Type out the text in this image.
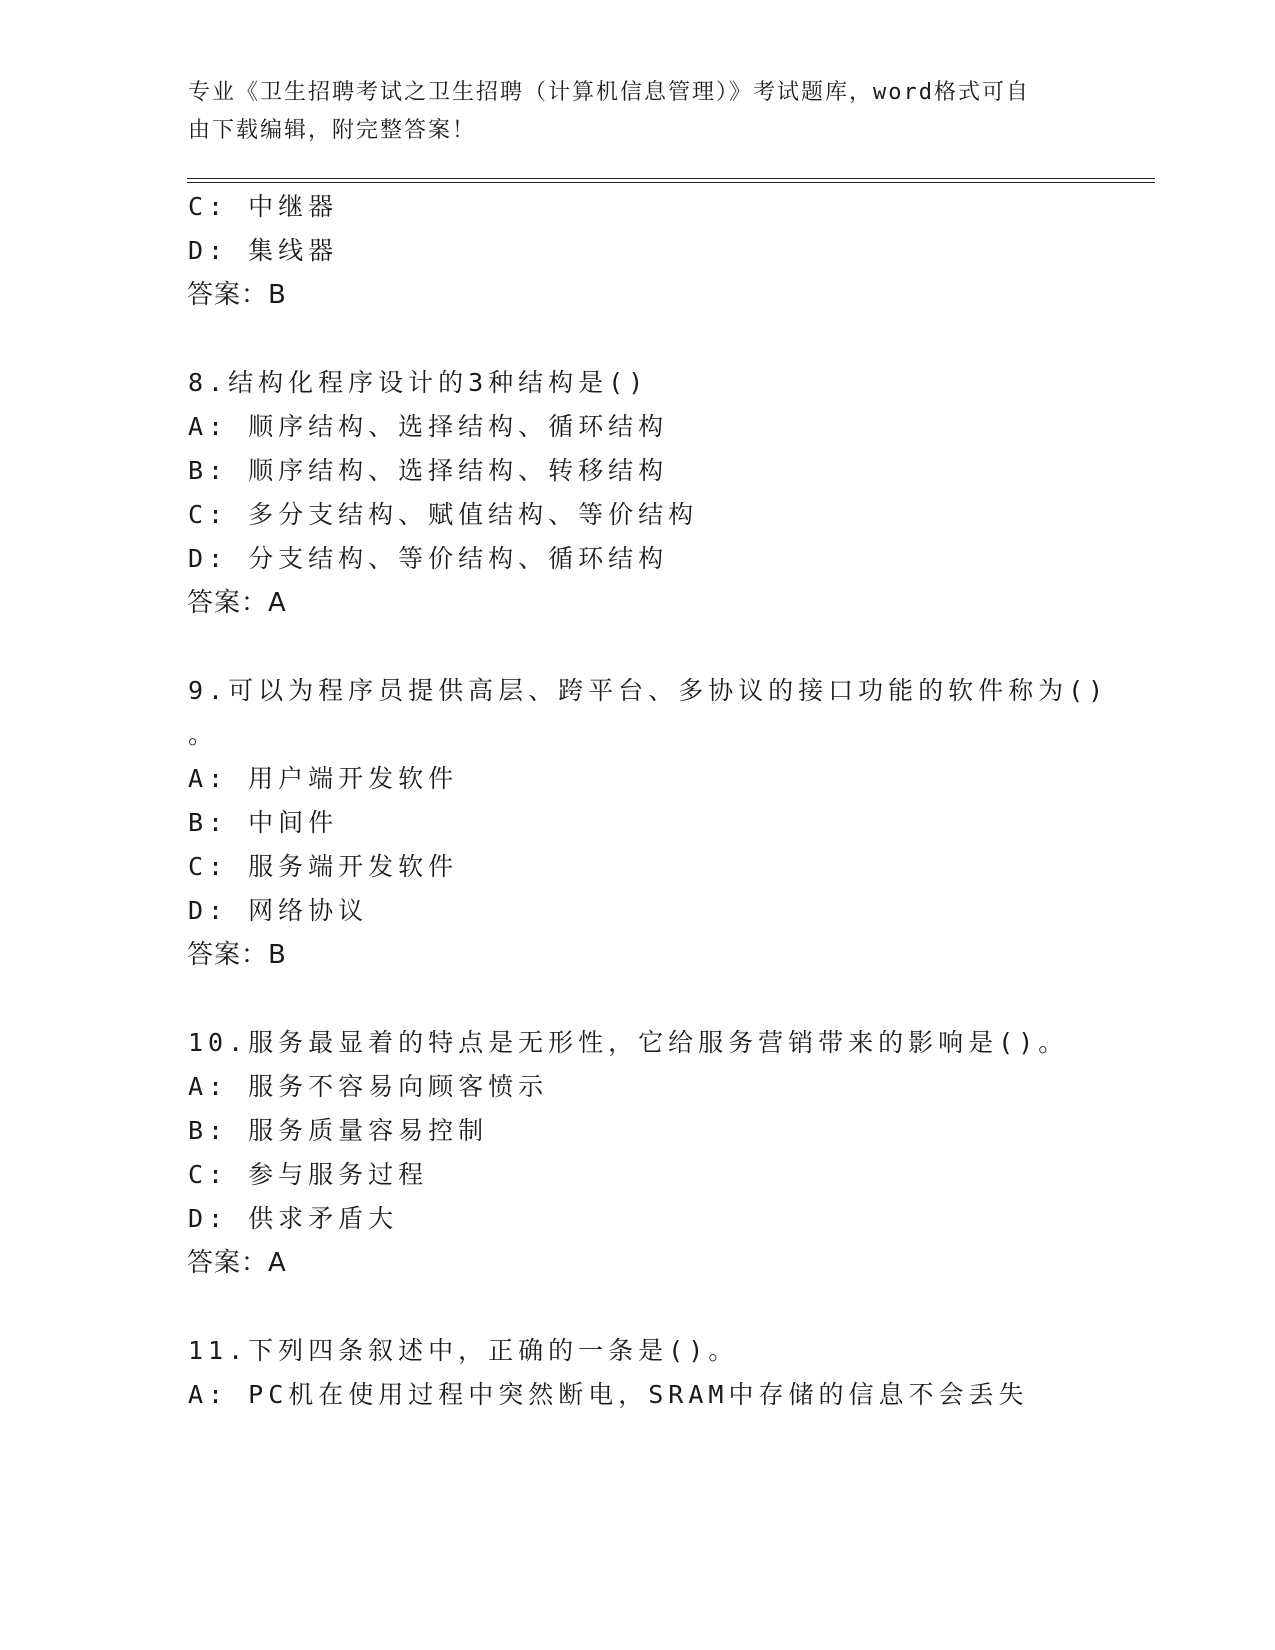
专业《卫生招聘考试之卫生招聘（计算机信息管理）》考试题库，word格式可自
由下载编辑，附完整答案！
C: 中继器
D: 集线器
答案：B
8.结构化程序设计的3种结构是()
A: 顺序结构、选择结构、循环结构
B: 顺序结构、选择结构、转移结构
C: 多分支结构、赋值结构、等价结构
D: 分支结构、等价结构、循环结构
答案：A
9.可以为程序员提供高层、跨平台、多协议的接口功能的软件称为()
。
A: 用户端开发软件
B: 中间件
C: 服务端开发软件
D: 网络协议
答案：B
10.服务最显着的特点是无形性，它给服务营销带来的影响是()。
A: 服务不容易向顾客愤示
B: 服务质量容易控制
C: 参与服务过程
D: 供求矛盾大
答案：A
11.下列四条叙述中，正确的一条是()。
A: PC机在使用过程中突然断电，SRAM中存储的信息不会丢失
